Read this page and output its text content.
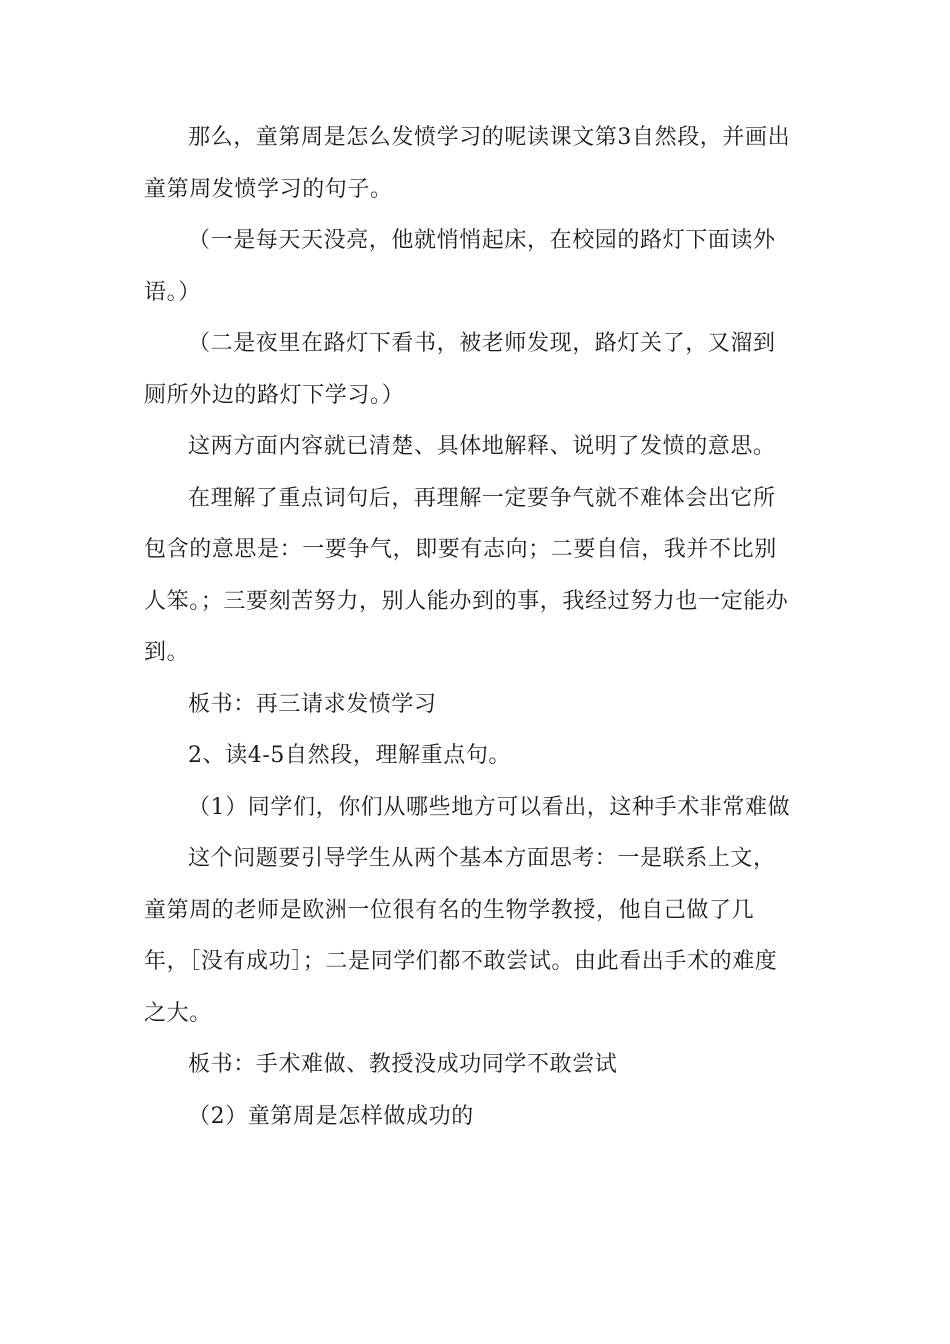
那么，童第周是怎么发愤学习的呢读课文第3自然段，并画出童第周发愤学习的句子。

（一是每天天没亮，他就悄悄起床，在校园的路灯下面读外语。）

（二是夜里在路灯下看书，被老师发现，路灯关了，又溜到厕所外边的路灯下学习。）

这两方面内容就已清楚、具体地解释、说明了发愤的意思。

在理解了重点词句后，再理解一定要争气就不难体会出它所包含的意思是：一要争气，即要有志向；二要自信，我并不比别人笨。；三要刻苦努力，别人能办到的事，我经过努力也一定能办到。

板书：再三请求发愤学习

2、读4-5自然段，理解重点句。

（1）同学们，你们从哪些地方可以看出，这种手术非常难做

这个问题要引导学生从两个基本方面思考：一是联系上文，童第周的老师是欧洲一位很有名的生物学教授，他自己做了几年，［没有成功］；二是同学们都不敢尝试。由此看出手术的难度之大。

板书：手术难做、教授没成功同学不敢尝试

（2）童第周是怎样做成功的
